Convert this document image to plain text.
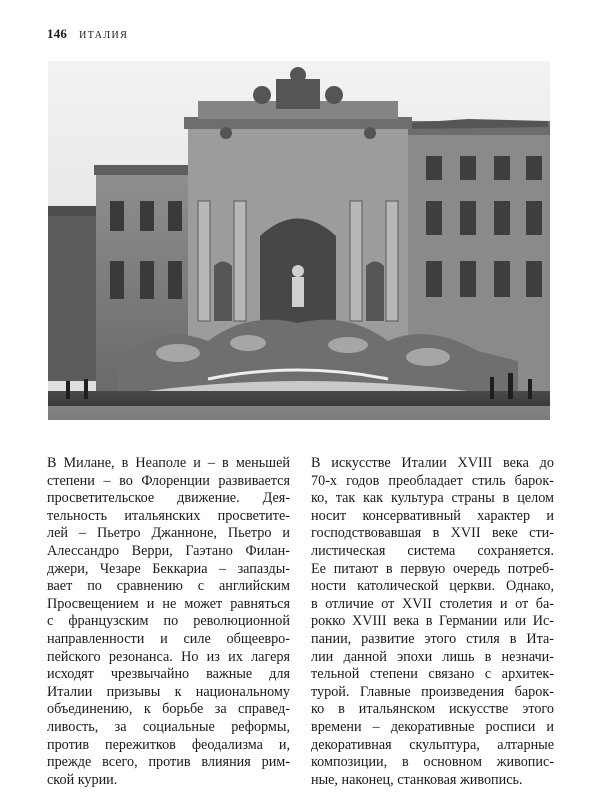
146 ИТАЛИЯ
В Милане, в Неаполе и – в меньшей
степени – во Флоренции развивается
просветительское движение. Дея-
тельность итальянских просветите-
лей – Пьетро Джанноне, Пьетро и
Алессандро Верри, Гаэтано Филан-
джери, Чезаре Беккариа – запазды-
вает по сравнению с английским
Просвещением и не может равняться
с французским по революционной
направленности и силе общеевро-
пейского резонанса. Но из их лагеря
исходят чрезвычайно важные для
Италии призывы к национальному
объединению, к борьбе за справед-
ливость, за социальные реформы,
против пережитков феодализма и,
прежде всего, против влияния рим-
ской курии.
В искусстве Италии XVIII века до
70-х годов преобладает стиль барок-
ко, так как культура страны в целом
носит консервативный характер и
господствовавшая в XVII веке сти-
листическая система сохраняется.
Ее питают в первую очередь потреб-
ности католической церкви. Однако,
в отличие от XVII столетия и от ба-
рокко XVIII века в Германии или Ис-
пании, развитие этого стиля в Ита-
лии данной эпохи лишь в незначи-
тельной степени связано с архитек-
турой. Главные произведения барок-
ко в итальянском искусстве этого
времени – декоративные росписи и
декоративная скульптура, алтарные
композиции, в основном живопис-
ные, наконец, станковая живопись.
